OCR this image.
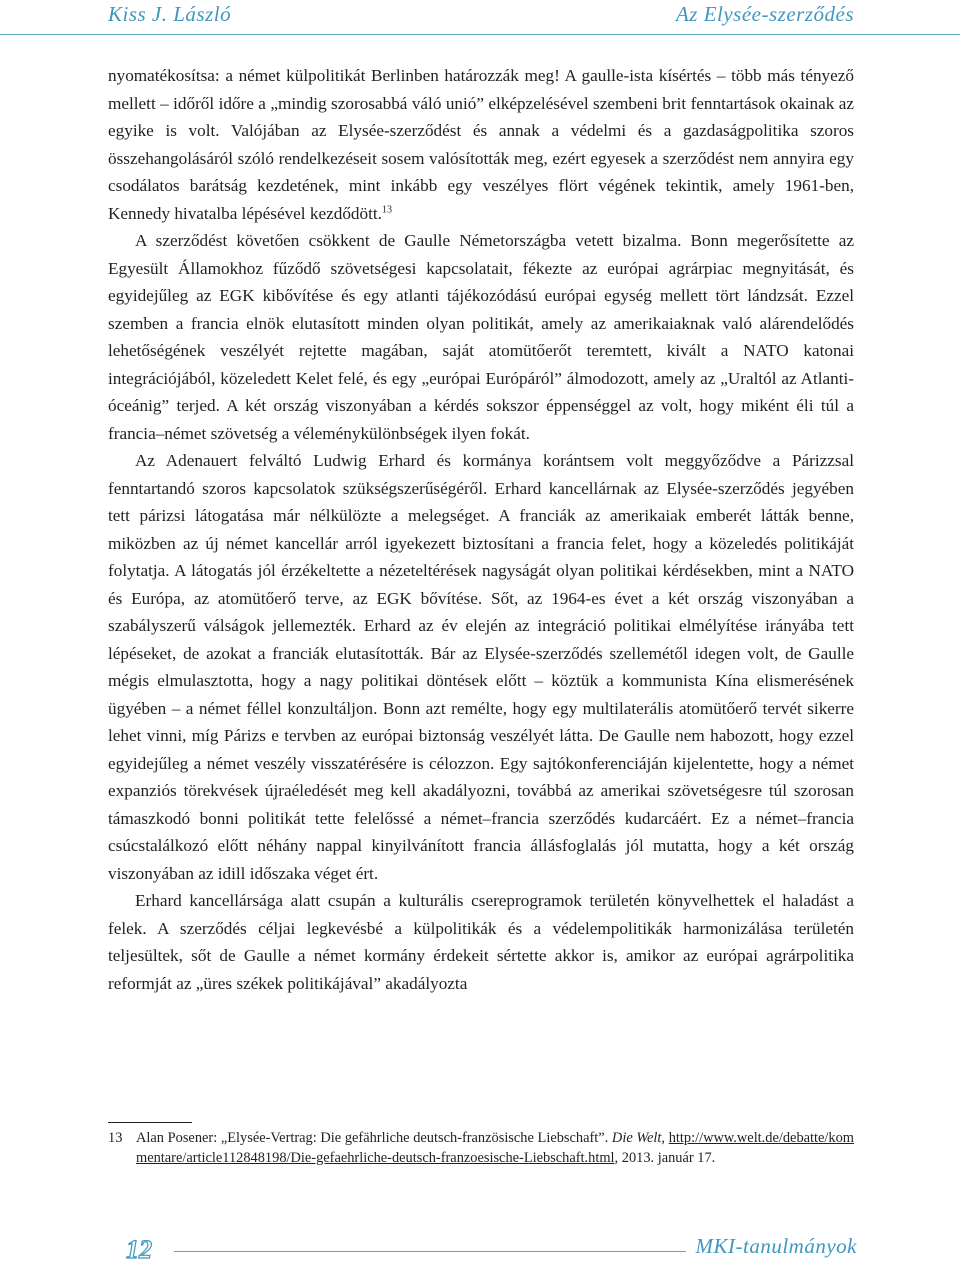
Kiss J. László	Az Elysée-szerződés

nyomatékosítsa: a német külpolitikát Berlinben határozzák meg! A gaulle-ista kísértés – több más tényező mellett – időről időre a „mindig szorosabbá váló unió” elképzelésével szembeni brit fenntartások okainak az egyike is volt. Valójában az Elysée-szerződést és annak a védelmi és a gazdaságpolitika szoros összehangolásáról szóló rendelkezéseit sosem valósították meg, ezért egyesek a szerződést nem annyira egy csodálatos barátság kezdetének, mint inkább egy veszélyes flört végének tekintik, amely 1961-ben, Kennedy hivatalba lépésével kezdődött.$^{13}$

A szerződést követően csökkent de Gaulle Németországba vetett bizalma. Bonn megerősítette az Egyesült Államokhoz fűződő szövetségesi kapcsolatait, fékezte az európai agrárpiac megnyitását, és egyidejűleg az EGK kibővítése és egy atlanti tájékozódású európai egység mellett tört lándzsát. Ezzel szemben a francia elnök elutasított minden olyan politikát, amely az amerikaiaknak való alárendelődés lehetőségének veszélyét rejtette magában, saját atomütőerőt teremtett, kivált a NATO katonai integrációjából, közeledett Kelet felé, és egy „európai Európáról” álmodozott, amely az „Uraltól az Atlanti-óceánig” terjed. A két ország viszonyában a kérdés sokszor éppenséggel az volt, hogy miként éli túl a francia–német szövetség a véleménykülönbségek ilyen fokát.

Az Adenauert felváltó Ludwig Erhard és kormánya korántsem volt meggyőződve a Párizzsal fenntartandó szoros kapcsolatok szükségszerűségéről. Erhard kancellárnak az Elysée-szerződés jegyében tett párizsi látogatása már nélkülözte a melegséget. A franciák az amerikaiak emberét látták benne, miközben az új német kancellár arról igyekezett biztosítani a francia felet, hogy a közeledés politikáját folytatja. A látogatás jól érzékeltette a nézeteltérések nagyságát olyan politikai kérdésekben, mint a NATO és Európa, az atomütőerő terve, az EGK bővítése. Sőt, az 1964-es évet a két ország viszonyában a szabályszerű válságok jellemezték. Erhard az év elején az integráció politikai elmélyítése irányába tett lépéseket, de azokat a franciák elutasították. Bár az Elysée-szerződés szellemétől idegen volt, de Gaulle mégis elmulasztotta, hogy a nagy politikai döntések előtt – köztük a kommunista Kína elismerésének ügyében – a német féllel konzultáljon. Bonn azt remélte, hogy egy multilaterális atomütőerő tervét sikerre lehet vinni, míg Párizs e tervben az európai biztonság veszélyét látta. De Gaulle nem habozott, hogy ezzel egyidejűleg a német veszély visszatérésére is célozzon. Egy sajtókonferenciáján kijelentette, hogy a német expanziós törekvések újraéledését meg kell akadályozni, továbbá az amerikai szövetségesre túl szorosan támaszkodó bonni politikát tette felelőssé a német–francia szerződés kudarcáért. Ez a német–francia csúcstalálkozó előtt néhány nappal kinyilvánított francia állásfoglalás jól mutatta, hogy a két ország viszonyában az idill időszaka véget ért.

Erhard kancellársága alatt csupán a kulturális csereprogramok területén könyvelhettek el haladást a felek. A szerződés céljai legkevésbé a külpolitikák és a védelempolitikák harmonizálása területén teljesültek, sőt de Gaulle a német kormány érdekeit sértette akkor is, amikor az európai agrárpolitika reformját az „üres székek politikájával” akadályozta

13 Alan Posener: „Elysée-Vertrag: Die gefährliche deutsch-französische Liebschaft”. Die Welt, http://www.welt.de/debatte/kommentare/article112848198/Die-gefaehrliche-deutsch-franzoesische-Liebschaft.html, 2013. január 17.
12	MKI-tanulmányok
